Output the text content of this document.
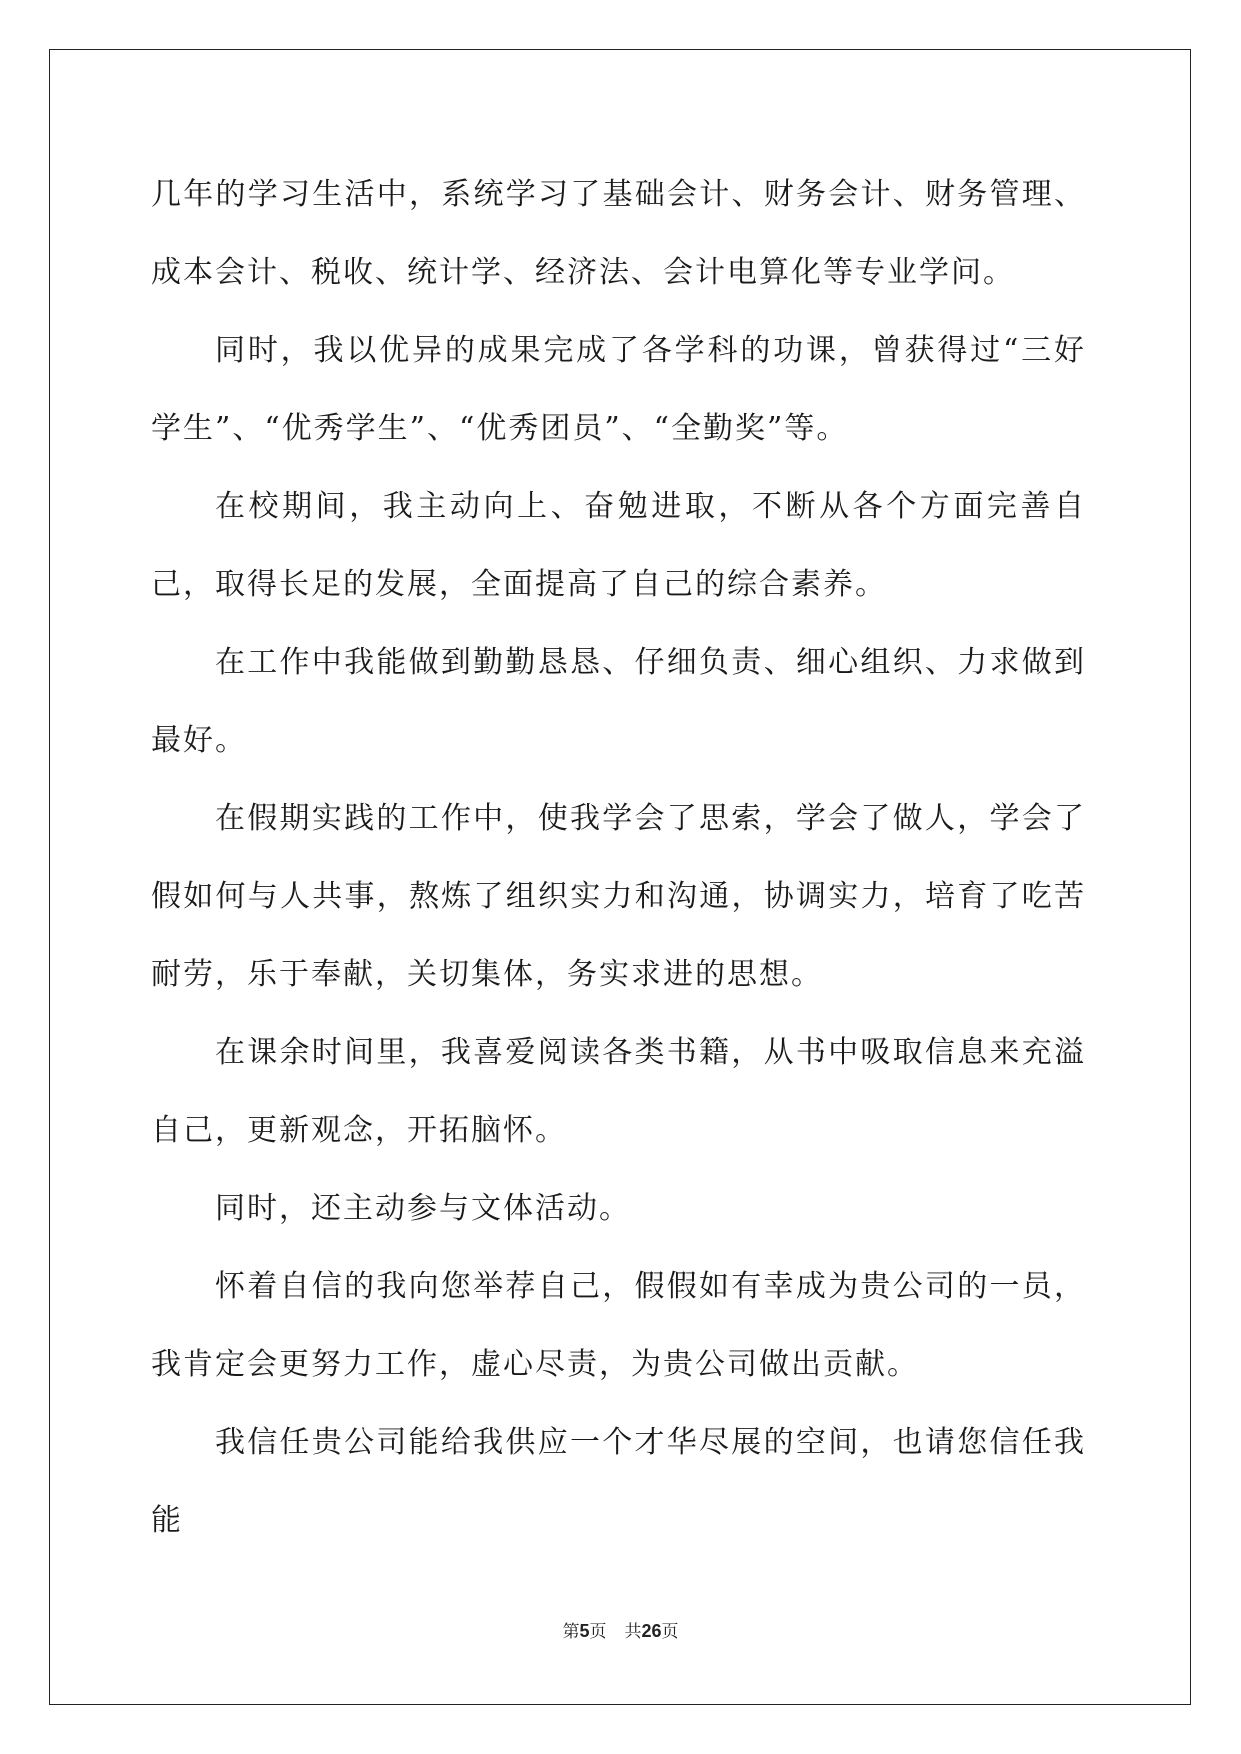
几年的学习生活中，系统学习了基础会计、财务会计、财务管理、成本会计、税收、统计学、经济法、会计电算化等专业学问。

同时，我以优异的成果完成了各学科的功课，曾获得过“三好学生”、“优秀学生”、“优秀团员”、“全勤奖”等。

在校期间，我主动向上、奋勉进取，不断从各个方面完善自己，取得长足的发展，全面提高了自己的综合素养。

在工作中我能做到勤勤恳恳、仔细负责、细心组织、力求做到最好。

在假期实践的工作中，使我学会了思索，学会了做人，学会了假如何与人共事，熬炼了组织实力和沟通，协调实力，培育了吃苦耐劳，乐于奉献，关切集体，务实求进的思想。

在课余时间里，我喜爱阅读各类书籍，从书中吸取信息来充溢自己，更新观念，开拓脑怀。

同时，还主动参与文体活动。

怀着自信的我向您举荐自己，假假如有幸成为贵公司的一员，我肯定会更努力工作，虚心尽责，为贵公司做出贡献。

我信任贵公司能给我供应一个才华尽展的空间，也请您信任我能

第5页 共26页
